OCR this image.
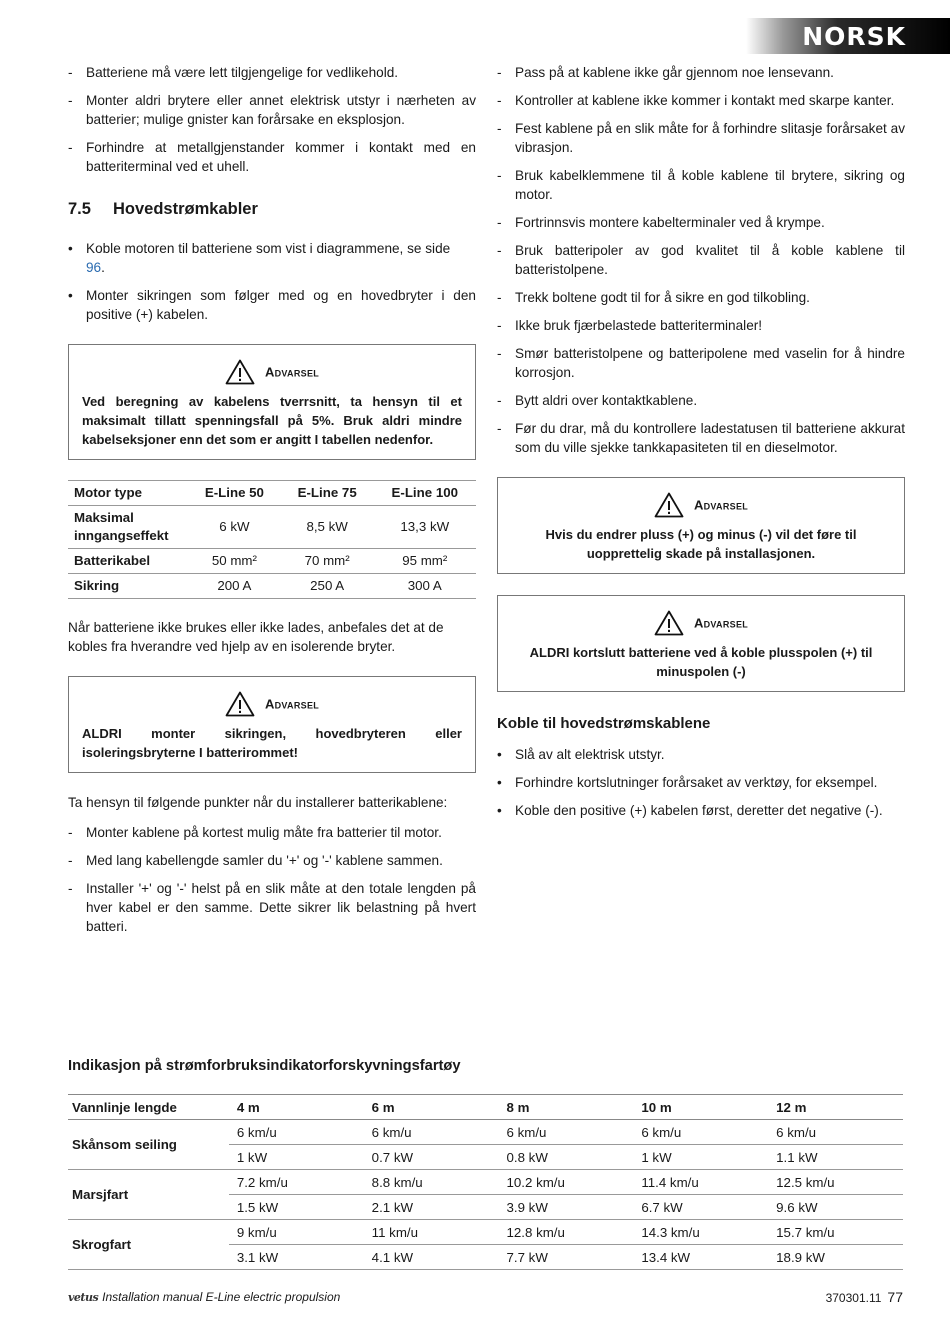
NORSK
- Batteriene må være lett tilgjengelige for vedlikehold.
- Monter aldri brytere eller annet elektrisk utstyr i nærheten av batterier; mulige gnister kan forårsake en eksplosjon.
- Forhindre at metallgjenstander kommer i kontakt med en batteriterminal ved et uhell.
7.5 Hovedstrømkabler
• Koble motoren til batteriene som vist i diagrammene, se side
96.
• Monter sikringen som følger med og en hovedbryter i den positive (+) kabelen.
Advarsel
Ved beregning av kabelens tverrsnitt, ta hensyn til et maksimalt tillatt spenningsfall på 5%. Bruk aldri mindre kabelseksjoner enn det som er angitt I tabellen nedenfor.
Motor type	E-Line 50	E-Line 75	E-Line 100
Maksimal inngangseffekt	6 kW	8,5 kW	13,3 kW
Batterikabel	50 mm²	70 mm²	95 mm²
Sikring	200 A	250 A	300 A

Når batteriene ikke brukes eller ikke lades, anbefales det at de kobles fra hverandre ved hjelp av en isolerende bryter.

Advarsel
ALDRI monter sikringen, hovedbryteren eller isoleringsbryterne I batterirommet!

Ta hensyn til følgende punkter når du installerer batterikablene:

- Monter kablene på kortest mulig måte fra batterier til motor.
- Med lang kabellengde samler du '+' og '-' kablene sammen.
- Installer '+' og '-' helst på en slik måte at den totale lengden på hver kabel er den samme. Dette sikrer lik belastning på hvert batteri.
- Pass på at kablene ikke går gjennom noe lensevann.
- Kontroller at kablene ikke kommer i kontakt med skarpe kanter.
- Fest kablene på en slik måte for å forhindre slitasje forårsaket av vibrasjon.
- Bruk kabelklemmene til å koble kablene til brytere, sikring og motor.
- Fortrinnsvis montere kabelterminaler ved å krympe.
- Bruk batteripoler av god kvalitet til å koble kablene til batteristolpene.
- Trekk boltene godt til for å sikre en god tilkobling.
- Ikke bruk fjærbelastede batteriterminaler!
- Smør batteristolpene og batteripolene med vaselin for å hindre korrosjon.
- Bytt aldri over kontaktkablene.
- Før du drar, må du kontrollere ladestatusen til batteriene akkurat som du ville sjekke tankkapasiteten til en dieselmotor.
Advarsel
Hvis du endrer pluss (+) og minus (-) vil det føre til uopprettelig skade på installasjonen.
Advarsel
ALDRI kortslutt batteriene ved å koble plusspolen (+) til minuspolen (-)
Koble til hovedstrømskablene
• Slå av alt elektrisk utstyr.
• Forhindre kortslutninger forårsaket av verktøy, for eksempel.
• Koble den positive (+) kabelen først, deretter det negative (-).
Indikasjon på strømforbruksindikatorforskyvningsfartøy
Vannlinje lengde	4 m	6 m	8 m	10 m	12 m
Skånsom seiling	6 km/u	6 km/u	6 km/u	6 km/u	6 km/u
	1 kW	0.7 kW	0.8 kW	1 kW	1.1 kW
Marsjfart	7.2 km/u	8.8 km/u	10.2 km/u	11.4 km/u	12.5 km/u
	1.5 kW	2.1 kW	3.9 kW	6.7 kW	9.6 kW
Skrogfart	9 km/u	11 km/u	12.8 km/u	14.3 km/u	15.7 km/u
	3.1 kW	4.1 kW	7.7 kW	13.4 kW	18.9 kW
vetus Installation manual E-Line electric propulsion	370301.11 77
